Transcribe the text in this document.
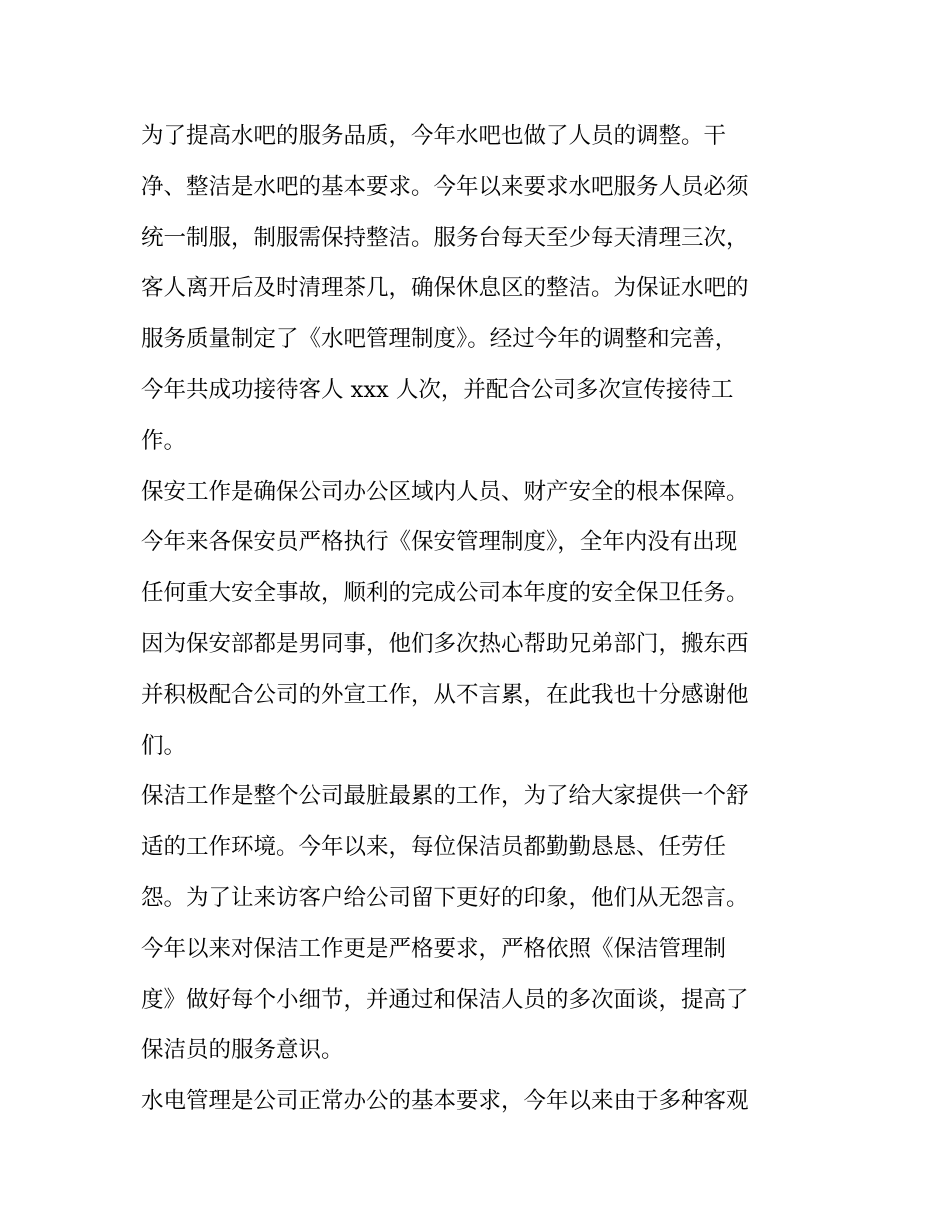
为了提高水吧的服务品质，今年水吧也做了人员的调整。干
净、整洁是水吧的基本要求。今年以来要求水吧服务人员必须
统一制服，制服需保持整洁。服务台每天至少每天清理三次，
客人离开后及时清理茶几，确保休息区的整洁。为保证水吧的
服务质量制定了《水吧管理制度》。经过今年的调整和完善，
今年共成功接待客人 xxx 人次，并配合公司多次宣传接待工
作。
保安工作是确保公司办公区域内人员、财产安全的根本保障。
今年来各保安员严格执行《保安管理制度》，全年内没有出现
任何重大安全事故，顺利的完成公司本年度的安全保卫任务。
因为保安部都是男同事，他们多次热心帮助兄弟部门，搬东西
并积极配合公司的外宣工作，从不言累，在此我也十分感谢他
们。
保洁工作是整个公司最脏最累的工作，为了给大家提供一个舒
适的工作环境。今年以来，每位保洁员都勤勤恳恳、任劳任
怨。为了让来访客户给公司留下更好的印象，他们从无怨言。
今年以来对保洁工作更是严格要求，严格依照《保洁管理制
度》做好每个小细节，并通过和保洁人员的多次面谈，提高了
保洁员的服务意识。
水电管理是公司正常办公的基本要求，今年以来由于多种客观
